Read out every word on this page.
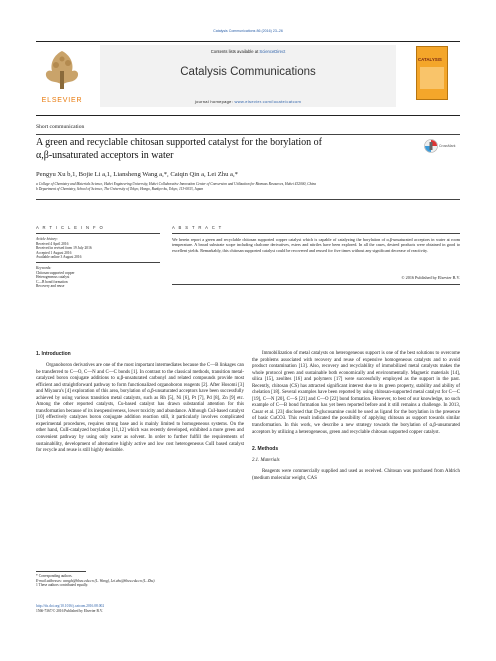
Catalysis Communications 86 (2016) 23–26
ELSEVIER
Contents lists available at ScienceDirect
Catalysis Communications
journal homepage: www.elsevier.com/locate/catcom
CATALYSIS
Short communication
A green and recyclable chitosan supported catalyst for the borylation of
α,β-unsaturated acceptors in water
CrossMark
Pengyu Xu b,1, Bojie Li a,1, Liansheng Wang a,*, Caiqin Qin a, Lei Zhu a,*
a College of Chemistry and Materials Science, Hubei Engineering University, Hubei Collaborative Innovation Center of Conversion and Utilization for Biomass Resources, Hubei 432000, China
b Department of Chemistry, School of Science, The University of Tokyo, Hongo, Bunkyo-ku, Tokyo, 113-0033, Japan
A R T I C L E I N F O	A B S T R A C T
Article history:
Received 4 April 2016
Received in revised form 19 July 2016
Accepted 1 August 2016
Available online 3 August 2016
Keywords:
Chitosan supported copper
Heterogeneous catalyst
C—B bond formation
Recovery and reuse
We herein report a green and recyclable chitosan supported copper catalyst which is capable of catalyzing the borylation of α,β-unsaturated acceptors in water at room temperature. A broad substrate scope including chalcone derivatives, esters and nitriles have been explored. In all the cases, desired products were obtained in good to excellent yields. Remarkably, this chitosan supported catalyst could be recovered and reused for five times without any significant decrease of reactivity.
© 2016 Published by Elsevier B.V.
1. Introduction

Organoboron derivatives are one of the most important intermediates because the C—B linkages can be transferred to C—O, C—N and C—C bonds [1]. In contrast to the classical methods, transition metal-catalyzed boron conjugate additions to α,β-unsaturated carbonyl and related compounds provide most efficient and straightforward pathway to form functionalized organoboron reagents [2]. After Hosomi [3] and Miyaura's [4] exploration of this area, borylation of α,β-unsaturated acceptors have been successfully achieved by using various transition metal catalysts, such as Rh [5], Ni [6], Pt [7], Pd [8], Zn [9] etc. Among the other reported catalysts, Cu-based catalyst has drawn substantial attention for this transformation because of its inexpensiveness, lower toxicity and abundance. Although CuI-based catalyst [10] effectively catalyzes boron conjugate addition reaction still, it particularly involves complicated experimental procedures, requires strong base and is mainly limited to homogeneous systems. On the other hand, CuII-catalyzed borylation [11,12] which was recently developed, exhibited a more green and convenient pathway by using only water as solvent. In order to further fulfill the requirements of sustainability, development of alternative highly active and low cost heterogeneous CuII based catalyst for recycle and reuse is still highly desirable.

* Corresponding authors.
E-mail addresses: wangls@hbeu.edu.cn (L. Wang), Lei.zhu@hbeu.edu.cn (L. Zhu).
1 These authors contributed equally.
http://dx.doi.org/10.1016/j.catcom.2016.08.002
1566-7367/© 2016 Published by Elsevier B.V.

Immobilization of metal catalysts on heterogeneous support is one of the best solutions to overcome the problems associated with recovery and reuse of expensive homogeneous catalysts and to avoid product contamination [13]. Also, recovery and recyclability of immobilized metal catalysts makes the whole protocol green and sustainable both economically and environmentally. Magnetic materials [14], silica [15], zeolites [16] and polymers [17] were successfully employed as the support in the past. Recently, chitosan (CS) has attracted significant interest due to its green property, stability and ability of chelation [18]. Several examples have been reported by using chitosan-supported metal catalyst for C—C [19], C—N [20], C—S [21] and C—O [22] bond formation. However, to best of our knowledge, no such example of C—B bond formation has yet been reported before and it still remains a challenge. In 2013, Casar et al. [23] disclosed that D-glucosamine could be used as ligand for the borylation in the presence of basic CuCO3. This result indicated the possibility of applying chitosan as support towards similar transformation. In this work, we describe a new strategy towards the borylation of α,β-unsaturated acceptors by utilizing a heterogeneous, green and recyclable chitosan supported copper catalyst.

2. Methods
2.1. Materials

Reagents were commercially supplied and used as received. Chitosan was purchased from Aldrich (medium molecular weight, CAS
